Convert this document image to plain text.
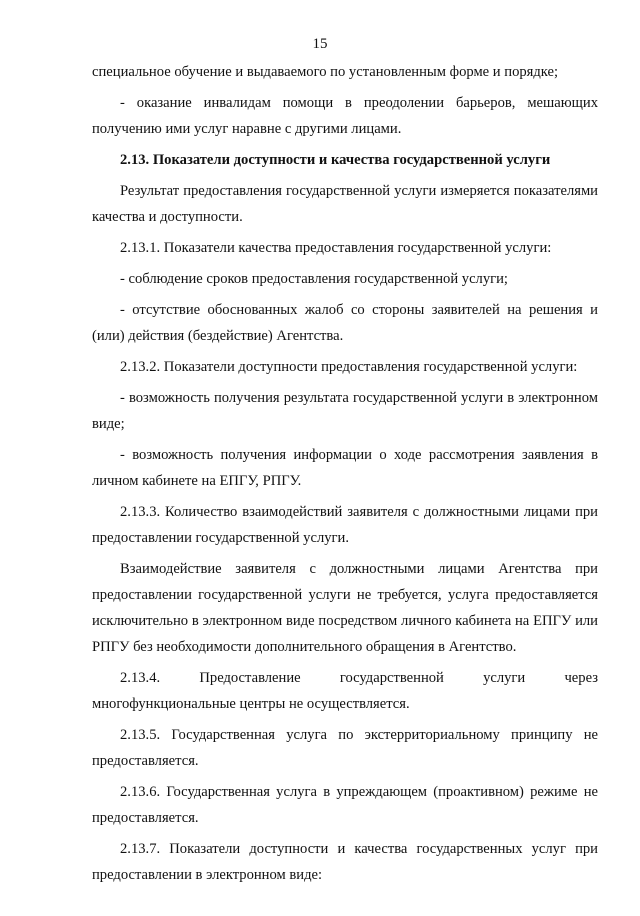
15

специальное обучение и выдаваемого по установленным форме и порядке;

- оказание инвалидам помощи в преодолении барьеров, мешающих получению ими услуг наравне с другими лицами.

2.13. Показатели доступности и качества государственной услуги

Результат предоставления государственной услуги измеряется показателями качества и доступности.

2.13.1. Показатели качества предоставления государственной услуги:

- соблюдение сроков предоставления государственной услуги;

- отсутствие обоснованных жалоб со стороны заявителей на решения и (или) действия (бездействие) Агентства.

2.13.2. Показатели доступности предоставления государственной услуги:

- возможность получения результата государственной услуги в электронном виде;

- возможность получения информации о ходе рассмотрения заявления в личном кабинете на ЕПГУ, РПГУ.

2.13.3. Количество взаимодействий заявителя с должностными лицами при предоставлении государственной услуги.

Взаимодействие заявителя с должностными лицами Агентства при предоставлении государственной услуги не требуется, услуга предоставляется исключительно в электронном виде посредством личного кабинета на ЕПГУ или РПГУ без необходимости дополнительного обращения в Агентство.

2.13.4. Предоставление государственной услуги через многофункциональные центры не осуществляется.

2.13.5. Государственная услуга по экстерриториальному принципу не предоставляется.

2.13.6. Государственная услуга в упреждающем (проактивном) режиме не предоставляется.

2.13.7. Показатели доступности и качества государственных услуг при предоставлении в электронном виде:
